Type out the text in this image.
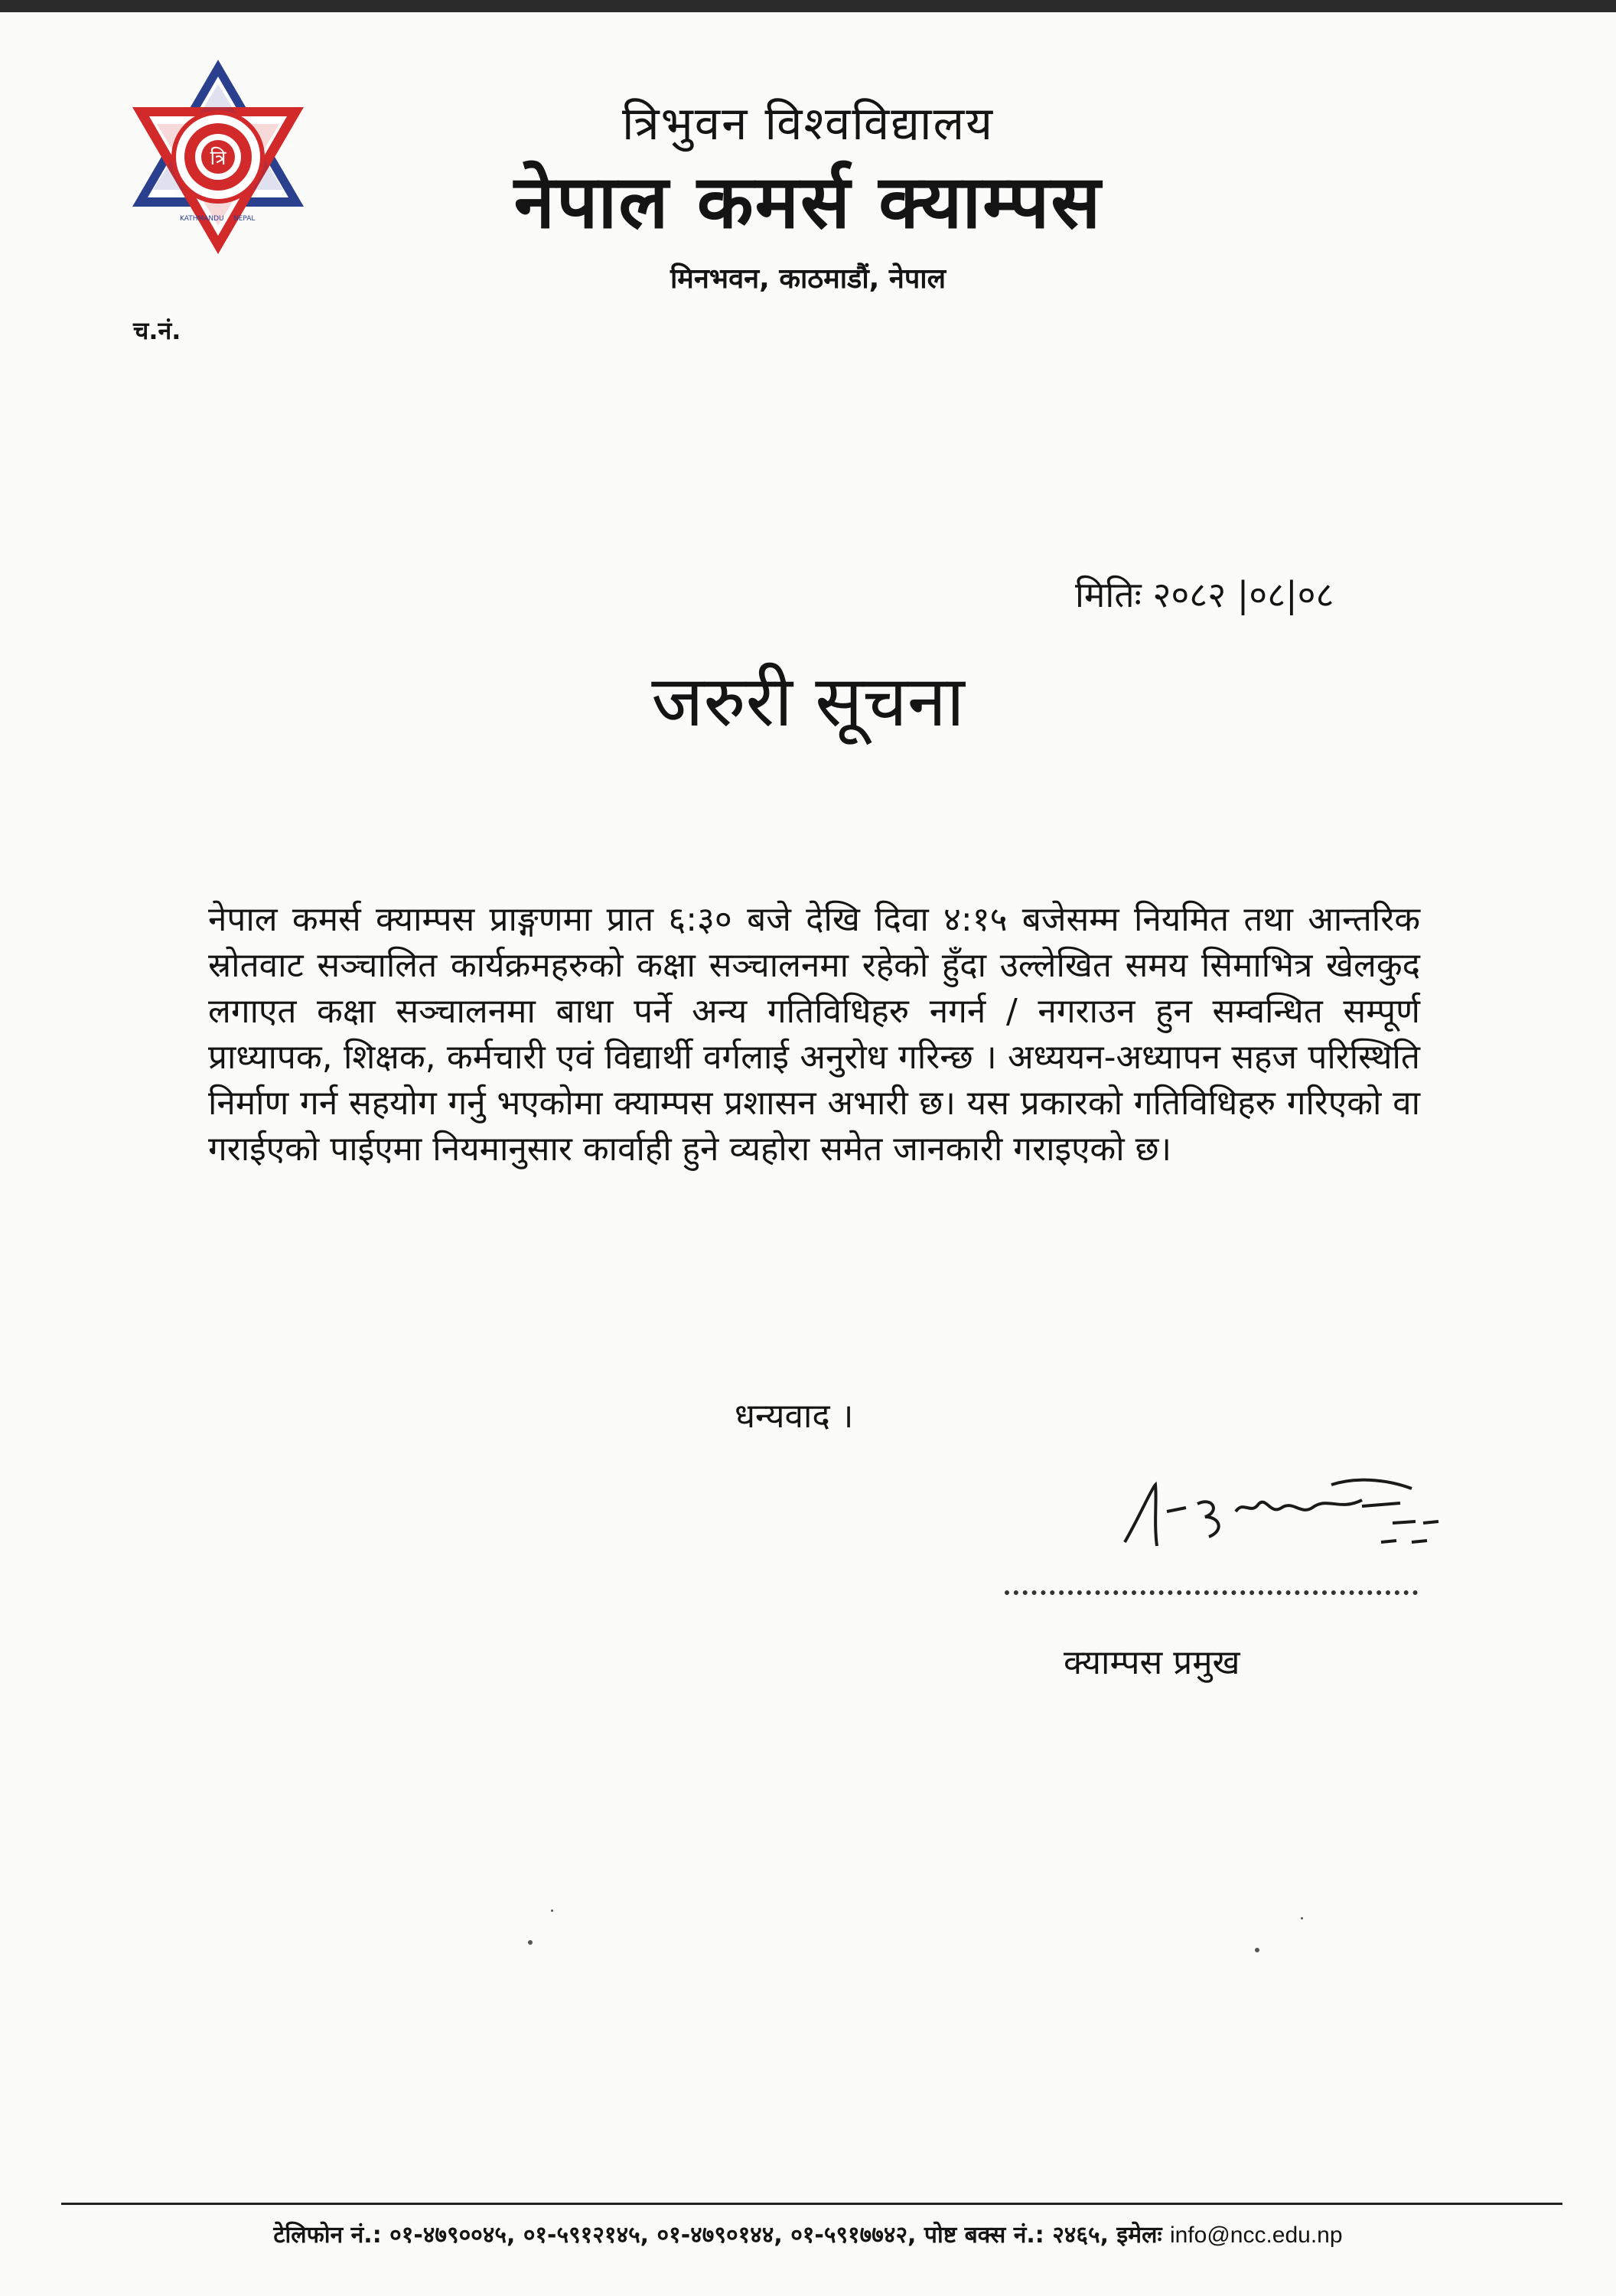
त्रि
KATHMANDU NEPAL
त्रिभुवन विश्वविद्यालय
नेपाल कमर्स क्याम्पस
मिनभवन, काठमाडौं, नेपाल
च.नं.
मितिः २०८२ |०८|०८
जरुरी सूचना
नेपाल कमर्स क्याम्पस प्राङ्गणमा प्रात ६:३० बजे देखि दिवा ४:१५ बजेसम्म नियमित तथा आन्तरिक स्रोतवाट सञ्चालित कार्यक्रमहरुको कक्षा सञ्चालनमा रहेको हुँदा उल्लेखित समय सिमाभित्र खेलकुद लगाएत कक्षा सञ्चालनमा बाधा पर्ने अन्य गतिविधिहरु नगर्न / नगराउन हुन सम्वन्धित सम्पूर्ण प्राध्यापक, शिक्षक, कर्मचारी एवं विद्यार्थी वर्गलाई अनुरोध गरिन्छ । अध्ययन-अध्यापन सहज परिस्थिति निर्माण गर्न सहयोग गर्नु भएकोमा क्याम्पस प्रशासन अभारी छ। यस प्रकारको गतिविधिहरु गरिएको वा गराईएको पाईएमा नियमानुसार कार्वाही हुने व्यहोरा समेत जानकारी गराइएको छ।
धन्यवाद ।
क्याम्पस प्रमुख
टेलिफोन नं.: ०१-४७९००४५, ०१-५९१२१४५, ०१-४७९०१४४, ०१-५९१७७४२, पोष्ट बक्स नं.: २४६५, इमेलः info@ncc.edu.np
